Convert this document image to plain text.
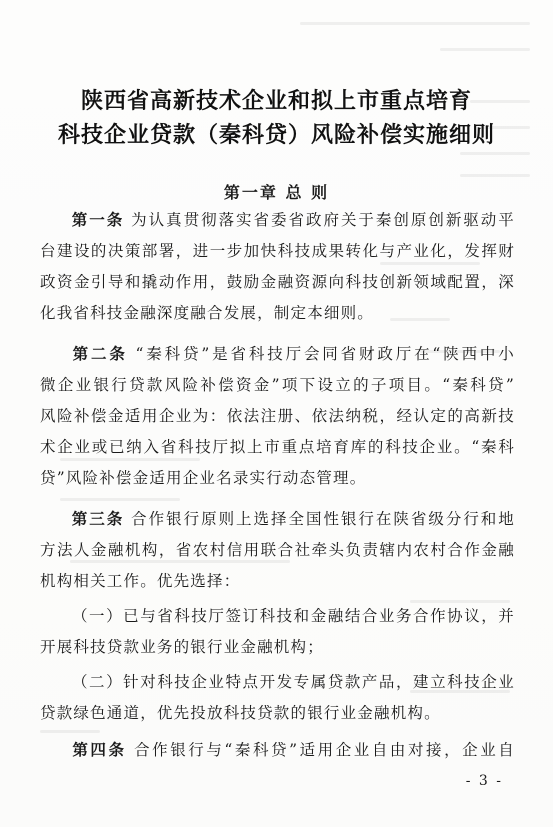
陕西省高新技术企业和拟上市重点培育
科技企业贷款（秦科贷）风险补偿实施细则
第一章 总 则
第一条 为认真贯彻落实省委省政府关于秦创原创新驱动平
台建设的决策部署，进一步加快科技成果转化与产业化，发挥财
政资金引导和撬动作用，鼓励金融资源向科技创新领域配置，深
化我省科技金融深度融合发展，制定本细则。
第二条 “秦科贷”是省科技厅会同省财政厅在“陕西中小
微企业银行贷款风险补偿资金”项下设立的子项目。“秦科贷”
风险补偿金适用企业为：依法注册、依法纳税，经认定的高新技
术企业或已纳入省科技厅拟上市重点培育库的科技企业。“秦科
贷”风险补偿金适用企业名录实行动态管理。
第三条 合作银行原则上选择全国性银行在陕省级分行和地
方法人金融机构，省农村信用联合社牵头负责辖内农村合作金融
机构相关工作。优先选择：
（一）已与省科技厅签订科技和金融结合业务合作协议，并
开展科技贷款业务的银行业金融机构；
（二）针对科技企业特点开发专属贷款产品，建立科技企业
贷款绿色通道，优先投放科技贷款的银行业金融机构。
第四条 合作银行与“秦科贷”适用企业自由对接，企业自
- 3 -
